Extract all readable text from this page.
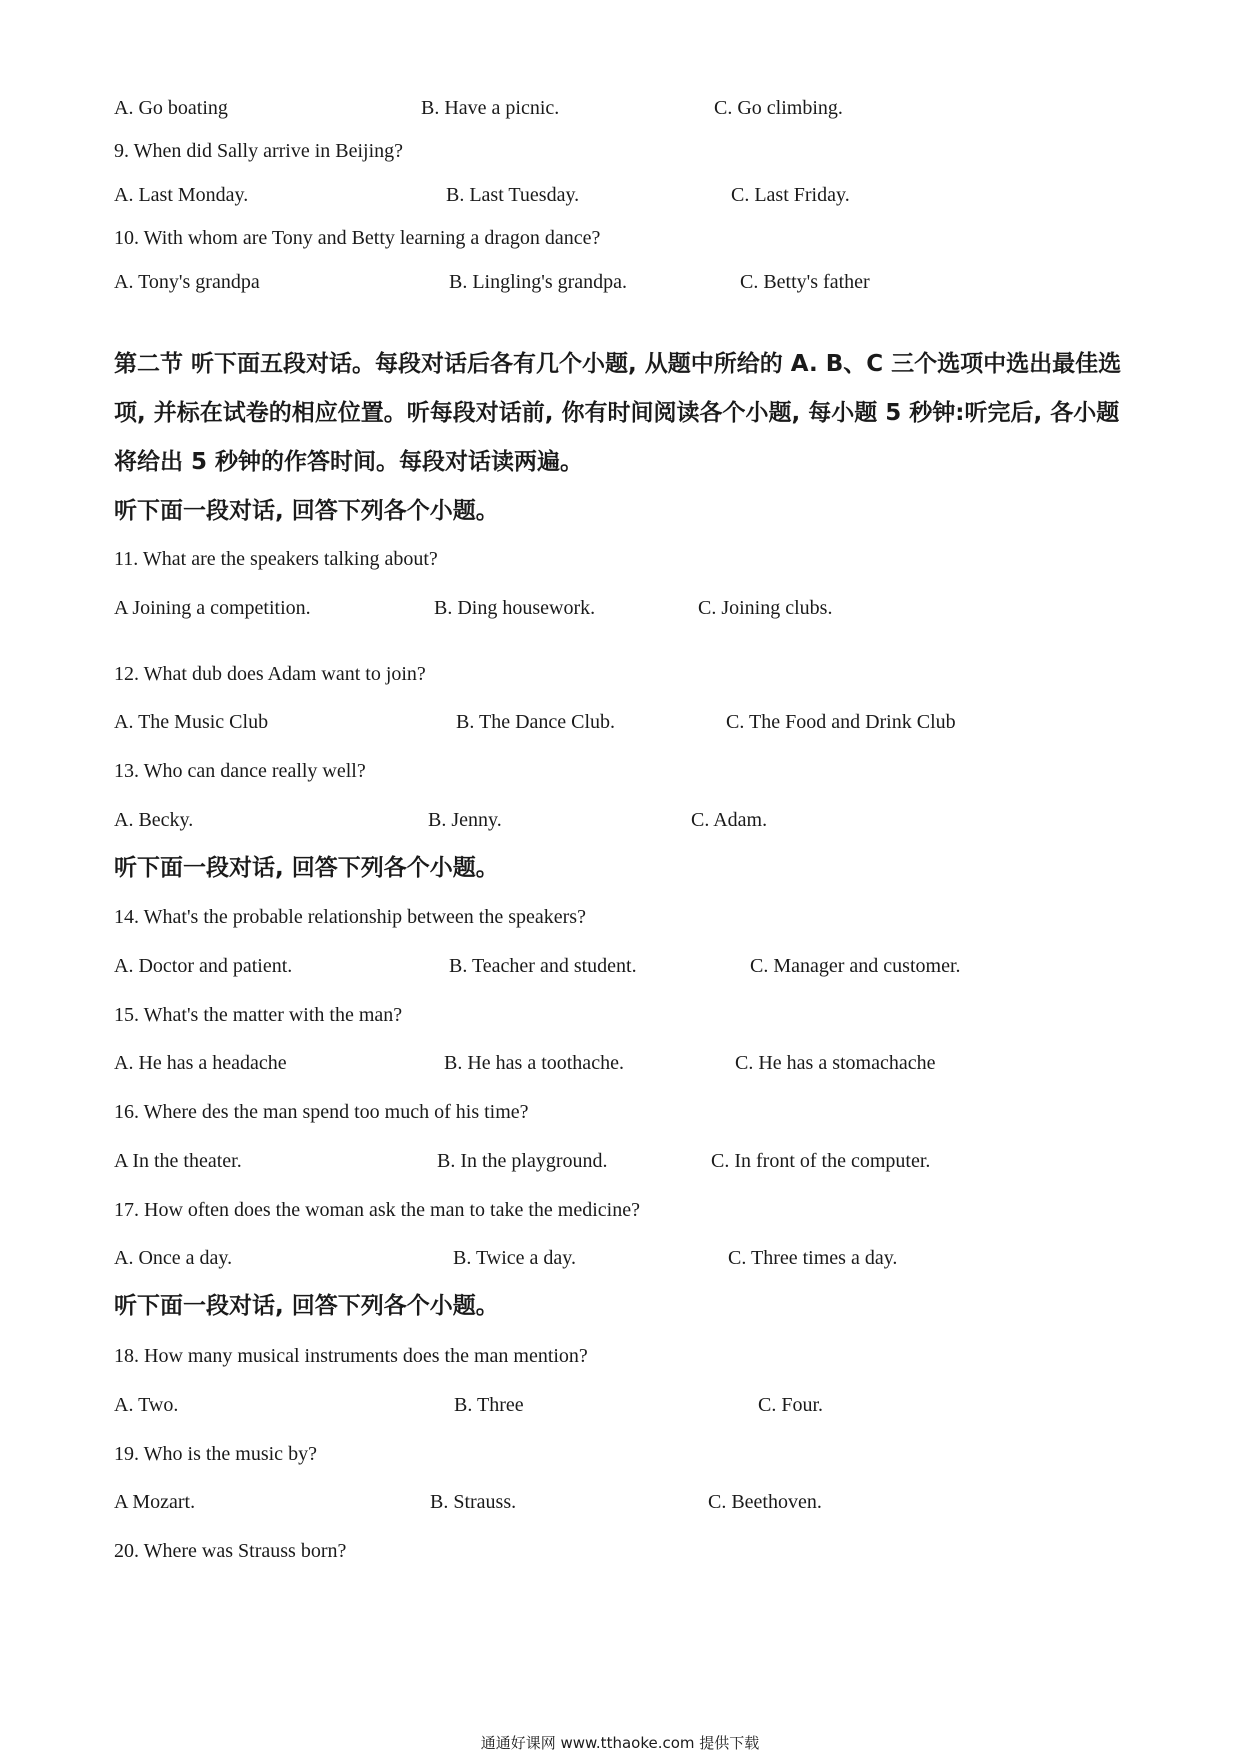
A. Go boating	B. Have a picnic.	C. Go climbing.
9. When did Sally arrive in Beijing?
A. Last Monday.	B. Last Tuesday.	C. Last Friday.
10. With whom are Tony and Betty learning a dragon dance?
A. Tony's grandpa	B. Lingling's grandpa.	C. Betty's father
第二节 听下面五段对话。每段对话后各有几个小题, 从题中所给的 A. B、C 三个选项中选出最佳选项, 并标在试卷的相应位置。听每段对话前, 你有时间阅读各个小题, 每小题 5 秒钟:听完后, 各小题将给出 5 秒钟的作答时间。每段对话读两遍。
听下面一段对话, 回答下列各个小题。
11. What are the speakers talking about?
A Joining a competition.	B. Ding housework.	C. Joining clubs.
12. What dub does Adam want to join?
A. The Music Club	B. The Dance Club.	C. The Food and Drink Club
13. Who can dance really well?
A. Becky.	B. Jenny.	C. Adam.
听下面一段对话, 回答下列各个小题。
14. What's the probable relationship between the speakers?
A. Doctor and patient.	B. Teacher and student.	C. Manager and customer.
15. What's the matter with the man?
A. He has a headache	B. He has a toothache.	C. He has a stomachache
16. Where des the man spend too much of his time?
A In the theater.	B. In the playground.	C. In front of the computer.
17. How often does the woman ask the man to take the medicine?
A. Once a day.	B. Twice a day.	C. Three times a day.
听下面一段对话, 回答下列各个小题。
18. How many musical instruments does the man mention?
A. Two.	B. Three	C. Four.
19. Who is the music by?
A Mozart.	B. Strauss.	C. Beethoven.
20. Where was Strauss born?
通通好课网 www.tthaoke.com 提供下载
